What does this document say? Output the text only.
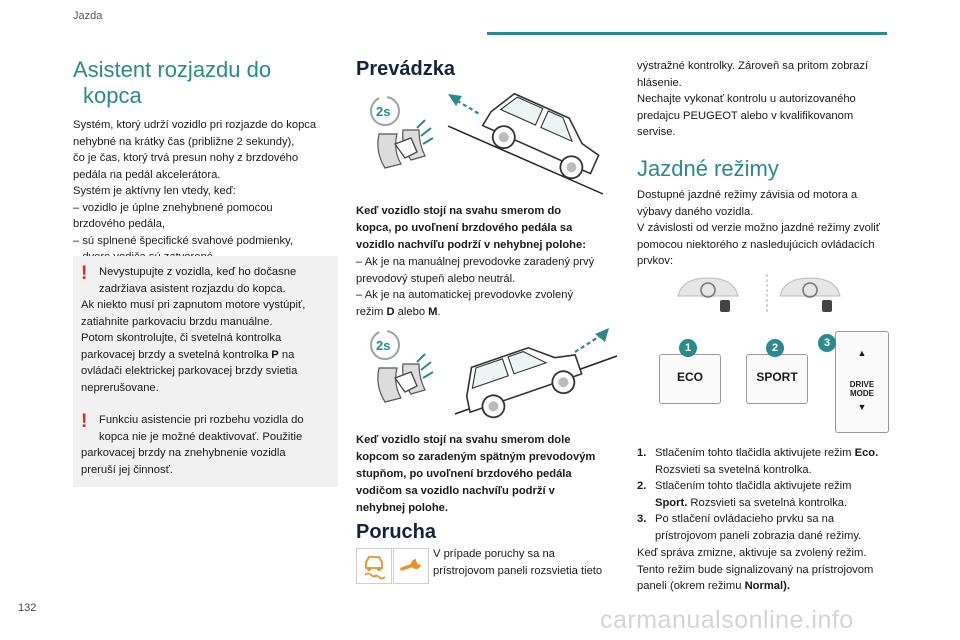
Jazda
Asistent rozjazdu do
kopca

Systém, ktorý udrží vozidlo pri rozjazde do kopca

nehybné na krátky čas (približne 2 sekundy),

čo je čas, ktorý trvá presun nohy z brzdového

pedála na pedál akcelerátora.

Systém je aktívny len vtedy, keď:

– vozidlo je úplne znehybnené pomocou

brzdového pedála,

– sú splnené špecifické svahové podmienky,

!	Nevystupujte z vozidla, keď ho dočasne

zadržiava asistent rozjazdu do kopca.

Ak niekto musí pri zapnutom motore vystúpiť,

zatiahnite parkovaciu brzdu manuálne.

Potom skontrolujte, či svetelná kontrolka

parkovacej brzdy a svetelná kontrolka P na

ovládači elektrickej parkovacej brzdy svietia

neprerušovane.

!	Funkciu asistencie pri rozbehu vozidla do

kopca nie je možné deaktivovať. Použitie

parkovacej brzdy na znehybnenie vozidla

preruší jej činnosť.

Prevádzka
2s

Keď vozidlo stojí na svahu smerom do

kopca, po uvoľnení brzdového pedála sa

vozidlo nachvíľu podrží v nehybnej polohe:

– Ak je na manuálnej prevodovke zaradený prvý

prevodový stupeň alebo neutrál.

– Ak je na automatickej prevodovke zvolený

režim D alebo M.

2s

Keď vozidlo stojí na svahu smerom dole

kopcom so zaradeným spätným prevodovým

stupňom, po uvoľnení brzdového pedála

vodičom sa vozidlo nachvíľu podrží v

nehybnej polohe.

Porucha

V prípade poruchy sa na

prístrojovom paneli rozsvietia tieto

výstražné kontrolky. Zároveň sa pritom zobrazí

hlásenie.

Nechajte vykonať kontrolu u autorizovaného

predajcu PEUGEOT alebo v kvalifikovanom

servise.

Jazdné režimy

Dostupné jazdné režimy závisia od motora a

výbavy daného vozidla.

V závislosti od verzie možno jazdné režimy zvoliť

pomocou niektorého z nasledujúcich ovládacích

prvkov:

ECO	SPORT
▲
DRIVE
MODE
▼
1	2	3
1. Stlačením tohto tlačidla aktivujete režim Eco.
Rozsvieti sa svetelná kontrolka.
2. Stlačením tohto tlačidla aktivujete režim
Sport. Rozsvieti sa svetelná kontrolka.
3. Po stlačení ovládacieho prvku sa na
prístrojovom paneli zobrazia dané režimy.

Keď správa zmizne, aktivuje sa zvolený režim.

Tento režim bude signalizovaný na prístrojovom

paneli (okrem režimu Normal).

132	carmanualsonline.info
